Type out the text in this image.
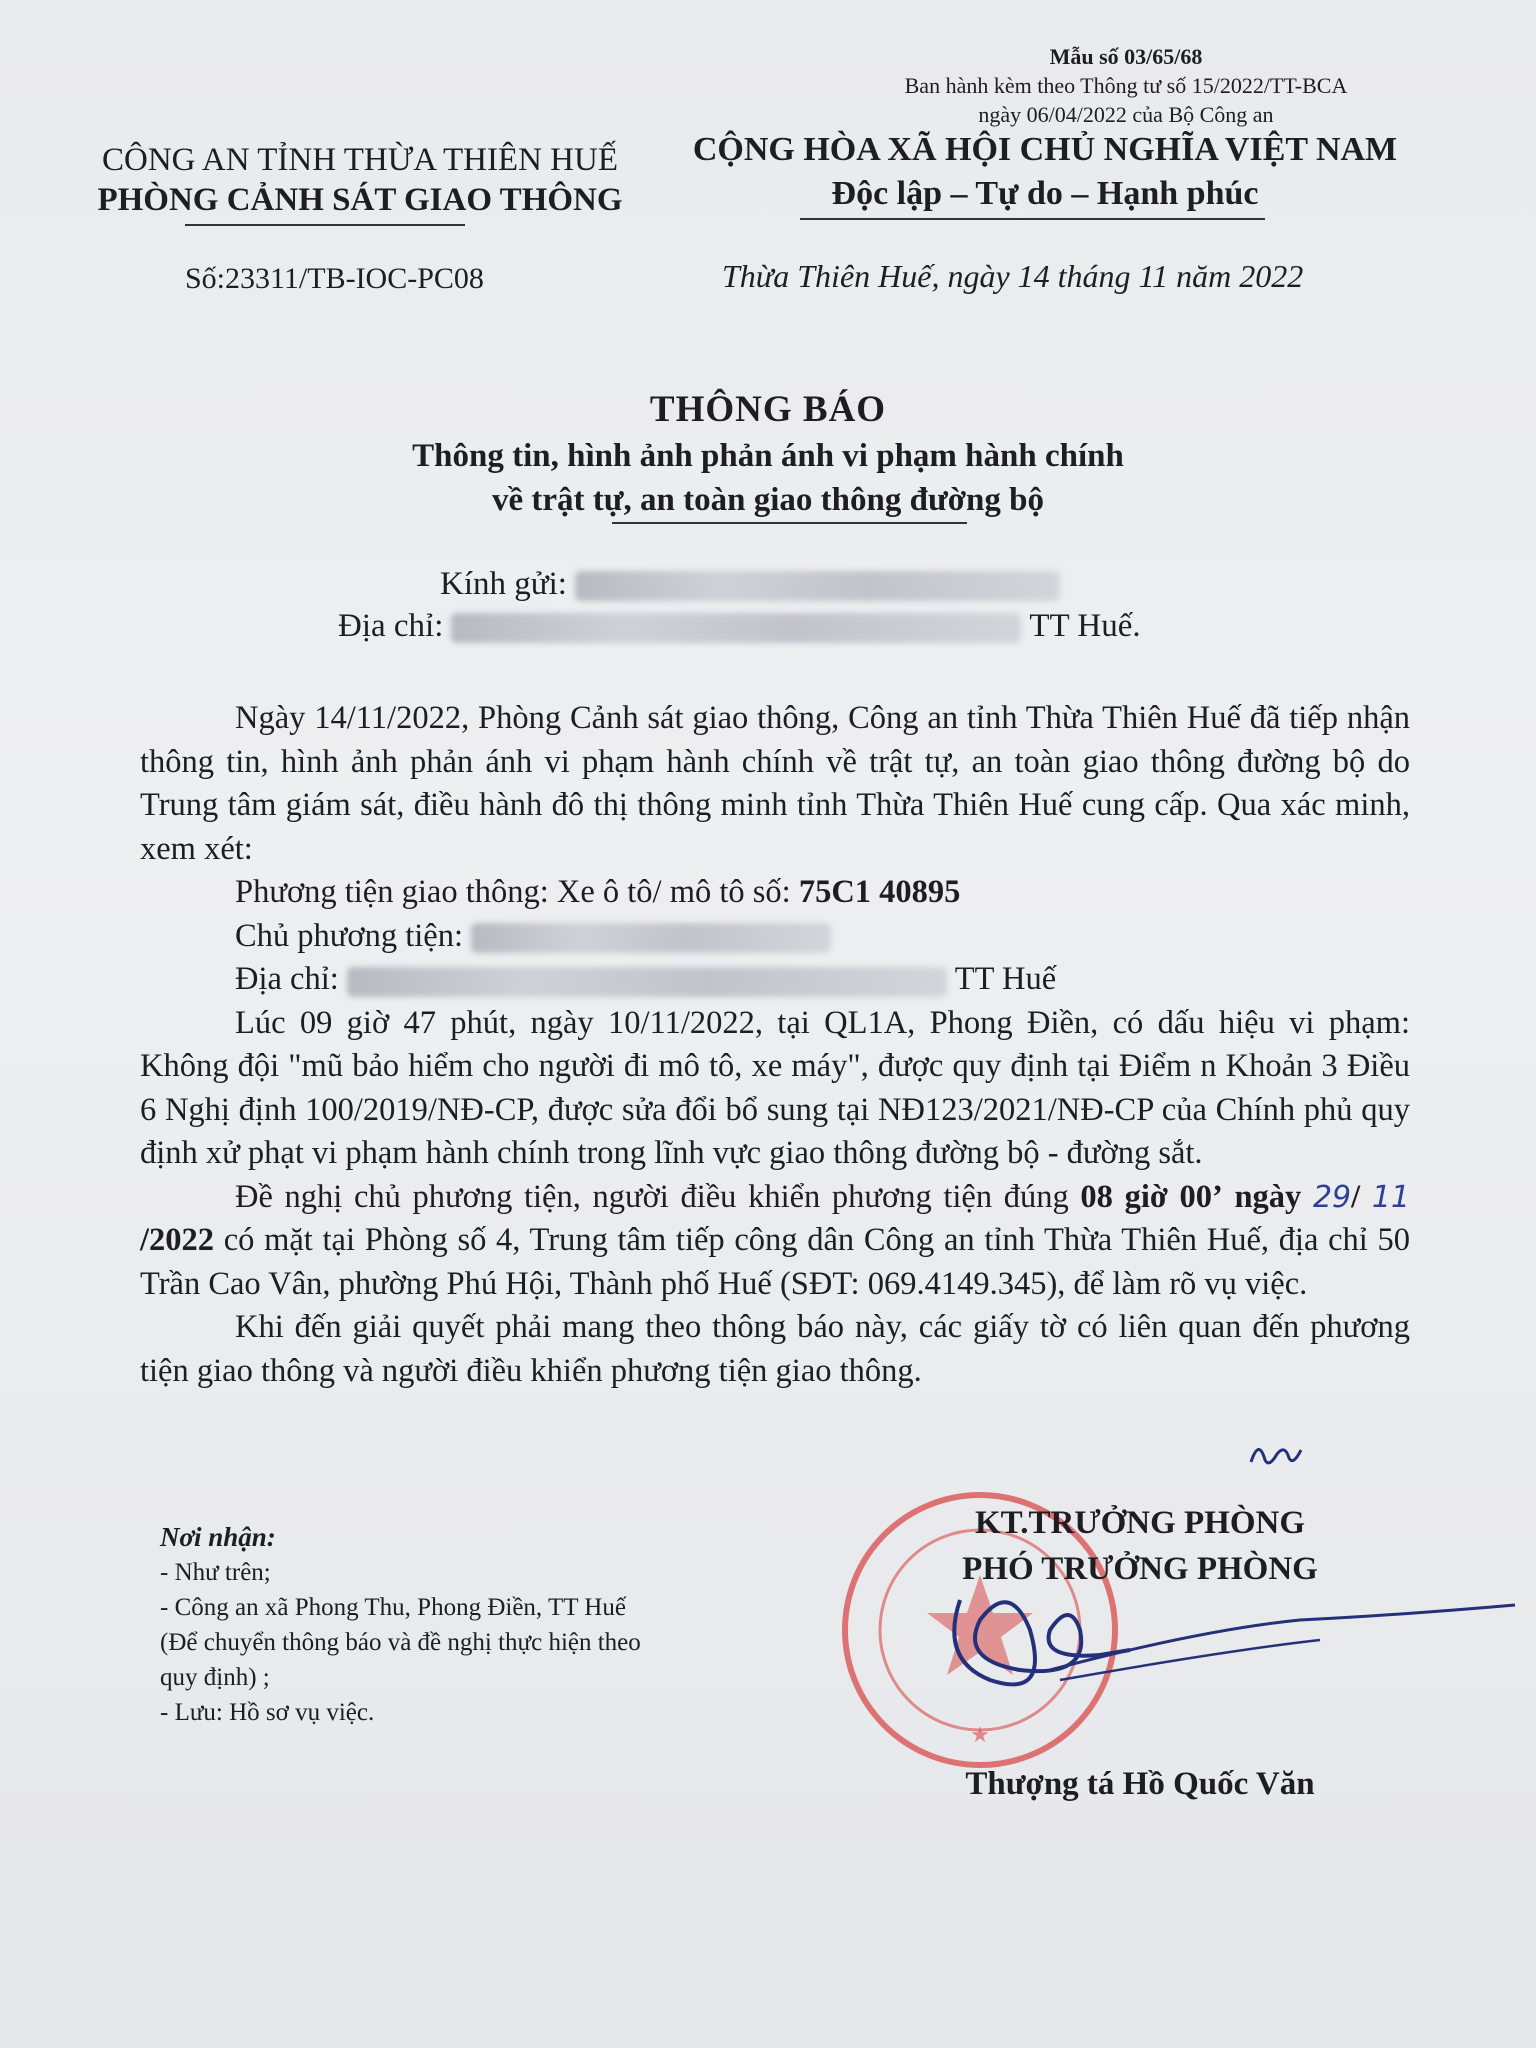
Mẫu số 03/65/68
Ban hành kèm theo Thông tư số 15/2022/TT-BCA
ngày 06/04/2022 của Bộ Công an
CÔNG AN TỈNH THỪA THIÊN HUẾ
PHÒNG CẢNH SÁT GIAO THÔNG
CỘNG HÒA XÃ HỘI CHỦ NGHĨA VIỆT NAM
Độc lập – Tự do – Hạnh phúc
Số:23311/TB-IOC-PC08	Thừa Thiên Huế, ngày 14 tháng 11 năm 2022
THÔNG BÁO
Thông tin, hình ảnh phản ánh vi phạm hành chính
về trật tự, an toàn giao thông đường bộ
Kính gửi:
Địa chỉ:	TT Huế.

Ngày 14/11/2022, Phòng Cảnh sát giao thông, Công an tỉnh Thừa Thiên Huế đã tiếp nhận thông tin, hình ảnh phản ánh vi phạm hành chính về trật tự, an toàn giao thông đường bộ do Trung tâm giám sát, điều hành đô thị thông minh tỉnh Thừa Thiên Huế cung cấp. Qua xác minh, xem xét:

Phương tiện giao thông: Xe ô tô/ mô tô số: 75C1 40895

Chủ phương tiện:

Địa chỉ:	TT Huế

Lúc 09 giờ 47 phút, ngày 10/11/2022, tại QL1A, Phong Điền, có dấu hiệu vi phạm: Không đội "mũ bảo hiểm cho người đi mô tô, xe máy", được quy định tại Điểm n Khoản 3 Điều 6 Nghị định 100/2019/NĐ-CP, được sửa đổi bổ sung tại NĐ123/2021/NĐ-CP của Chính phủ quy định xử phạt vi phạm hành chính trong lĩnh vực giao thông đường bộ - đường sắt.

Đề nghị chủ phương tiện, người điều khiển phương tiện đúng 08 giờ 00’ ngày 29/ 11 /2022 có mặt tại Phòng số 4, Trung tâm tiếp công dân Công an tỉnh Thừa Thiên Huế, địa chỉ 50 Trần Cao Vân, phường Phú Hội, Thành phố Huế (SĐT: 069.4149.345), để làm rõ vụ việc.

Khi đến giải quyết phải mang theo thông báo này, các giấy tờ có liên quan đến phương tiện giao thông và người điều khiển phương tiện giao thông.

Nơi nhận:
- Như trên;
- Công an xã Phong Thu, Phong Điền, TT Huế
(Để chuyển thông báo và đề nghị thực hiện theo
quy định) ;
- Lưu: Hồ sơ vụ việc.
★
KT.TRƯỞNG PHÒNG
PHÓ TRƯỞNG PHÒNG
Thượng tá Hồ Quốc Văn
